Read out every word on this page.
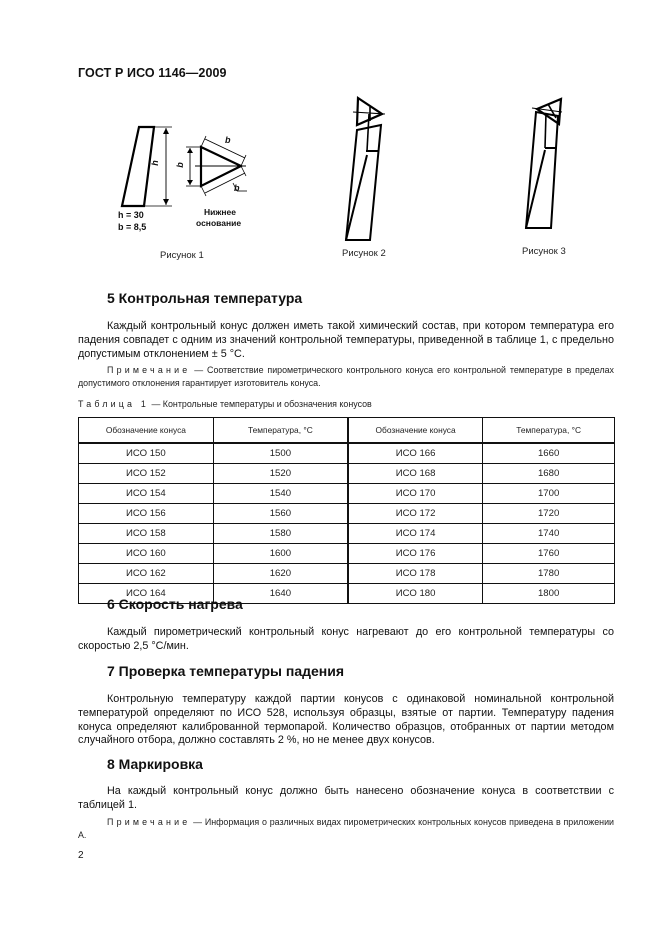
ГОСТ Р ИСО 1146—2009
h b
b
b
h = 30
b = 8,5
Нижнее
основание
Рисунок 1	Рисунок 2	Рисунок 3
5 Контрольная температура
Каждый контрольный конус должен иметь такой химический состав, при котором температура его падения совпадет с одним из значений контрольной температуры, приведенной в таблице 1, с предельно допустимым отклонением ± 5 °C.
Примечание — Соответствие пирометрического контрольного конуса его контрольной температуре в пределах допустимого отклонения гарантирует изготовитель конуса.
Таблица 1 — Контрольные температуры и обозначения конусов
Обозначение конуса	Температура, °C	Обозначение конуса	Температура, °C
ИСО 150	1500	ИСО 166	1660
ИСО 152	1520	ИСО 168	1680
ИСО 154	1540	ИСО 170	1700
ИСО 156	1560	ИСО 172	1720
ИСО 158	1580	ИСО 174	1740
ИСО 160	1600	ИСО 176	1760
ИСО 162	1620	ИСО 178	1780
ИСО 164	1640	ИСО 180	1800
6 Скорость нагрева
Каждый пирометрический контрольный конус нагревают до его контрольной температуры со скоростью 2,5 °C/мин.
7 Проверка температуры падения
Контрольную температуру каждой партии конусов с одинаковой номинальной контрольной температурой определяют по ИСО 528, используя образцы, взятые от партии. Температуру падения конуса определяют калиброванной термопарой. Количество образцов, отобранных от партии методом случайного отбора, должно составлять 2 %, но не менее двух конусов.
8 Маркировка
На каждый контрольный конус должно быть нанесено обозначение конуса в соответствии с таблицей 1.
Примечание — Информация о различных видах пирометрических контрольных конусов приведена в приложении А.
2
